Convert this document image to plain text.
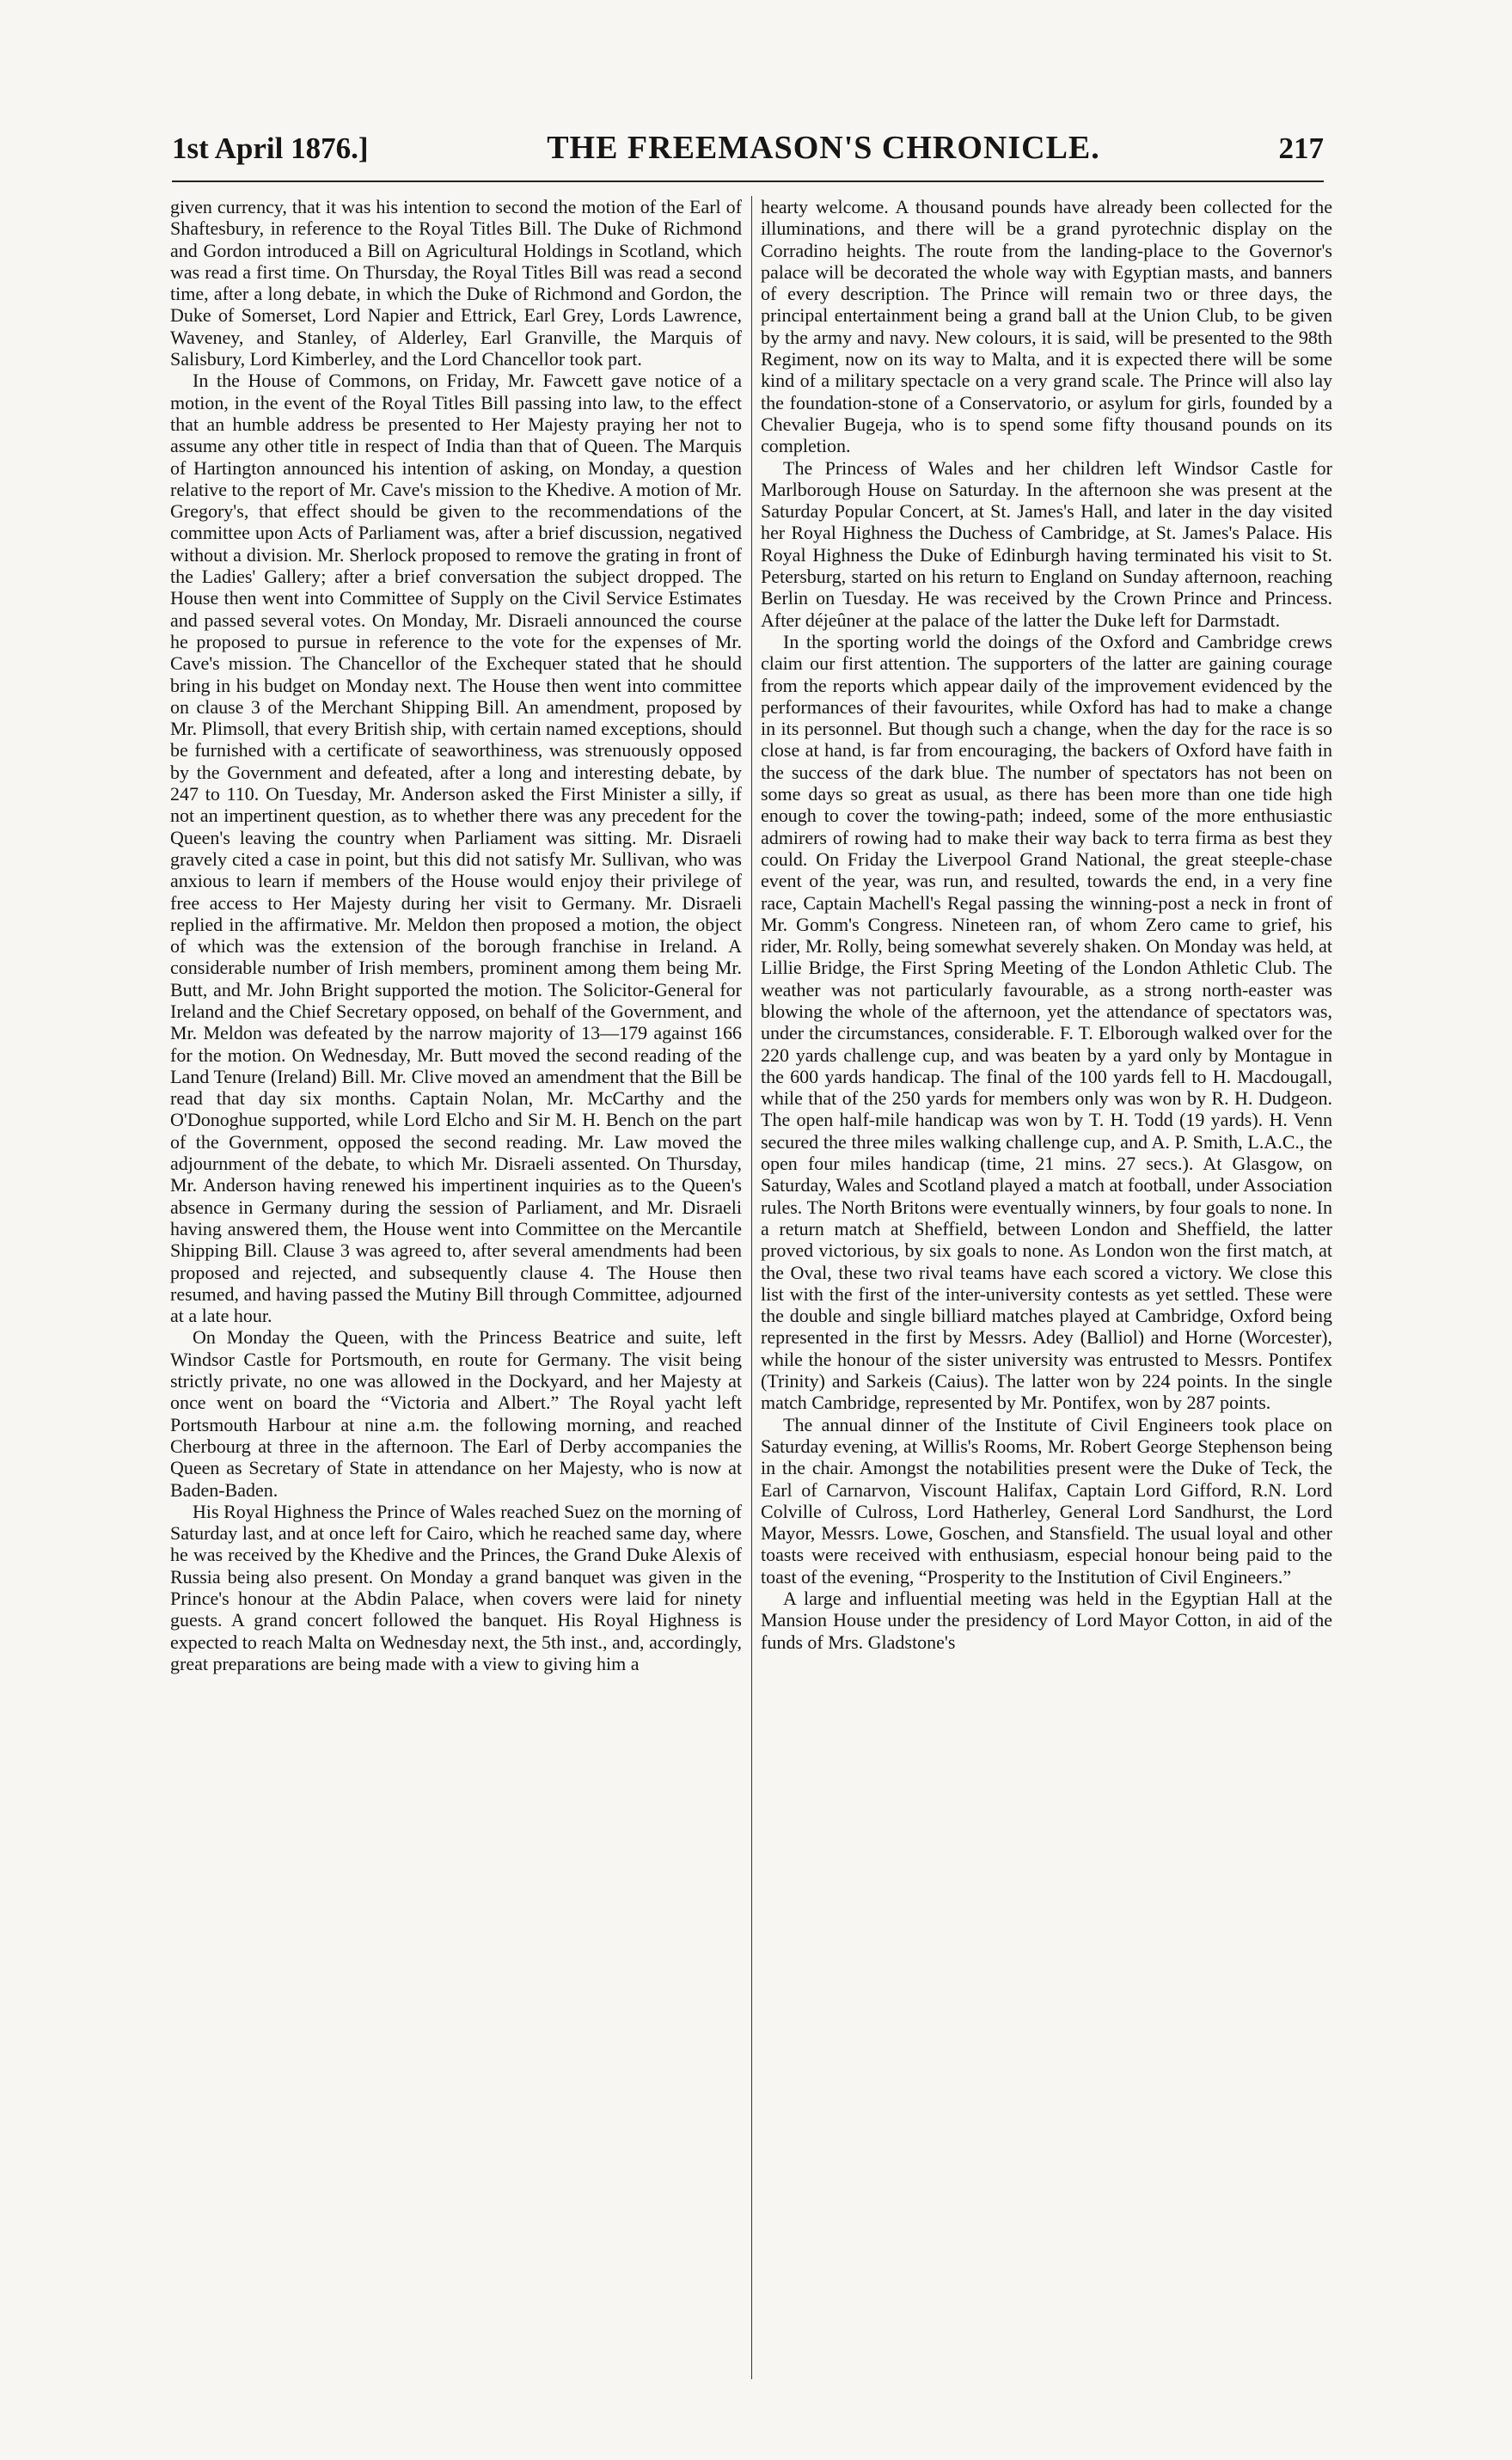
1st April 1876.]	THE FREEMASON'S CHRONICLE.	217

given currency, that it was his intention to second the motion of the Earl of Shaftesbury, in reference to the Royal Titles Bill. The Duke of Richmond and Gordon introduced a Bill on Agricultural Holdings in Scotland, which was read a first time. On Thursday, the Royal Titles Bill was read a second time, after a long debate, in which the Duke of Richmond and Gordon, the Duke of Somerset, Lord Napier and Ettrick, Earl Grey, Lords Lawrence, Waveney, and Stanley, of Alderley, Earl Granville, the Marquis of Salisbury, Lord Kimberley, and the Lord Chancellor took part.

In the House of Commons, on Friday, Mr. Fawcett gave notice of a motion, in the event of the Royal Titles Bill passing into law, to the effect that an humble address be presented to Her Majesty praying her not to assume any other title in respect of India than that of Queen. The Marquis of Hartington announced his intention of asking, on Monday, a question relative to the report of Mr. Cave's mission to the Khedive. A motion of Mr. Gregory's, that effect should be given to the recommendations of the committee upon Acts of Parliament was, after a brief discussion, negatived without a division. Mr. Sherlock proposed to remove the grating in front of the Ladies' Gallery; after a brief conversation the subject dropped. The House then went into Committee of Supply on the Civil Service Estimates and passed several votes. On Monday, Mr. Disraeli announced the course he proposed to pursue in reference to the vote for the expenses of Mr. Cave's mission. The Chancellor of the Exchequer stated that he should bring in his budget on Monday next. The House then went into committee on clause 3 of the Merchant Shipping Bill. An amendment, proposed by Mr. Plimsoll, that every British ship, with certain named exceptions, should be furnished with a certificate of seaworthiness, was strenuously opposed by the Government and defeated, after a long and interesting debate, by 247 to 110. On Tuesday, Mr. Anderson asked the First Minister a silly, if not an impertinent question, as to whether there was any precedent for the Queen's leaving the country when Parliament was sitting. Mr. Disraeli gravely cited a case in point, but this did not satisfy Mr. Sullivan, who was anxious to learn if members of the House would enjoy their privilege of free access to Her Majesty during her visit to Germany. Mr. Disraeli replied in the affirmative. Mr. Meldon then proposed a motion, the object of which was the extension of the borough franchise in Ireland. A considerable number of Irish members, prominent among them being Mr. Butt, and Mr. John Bright supported the motion. The Solicitor-General for Ireland and the Chief Secretary opposed, on behalf of the Government, and Mr. Meldon was defeated by the narrow majority of 13—179 against 166 for the motion. On Wednesday, Mr. Butt moved the second reading of the Land Tenure (Ireland) Bill. Mr. Clive moved an amendment that the Bill be read that day six months. Captain Nolan, Mr. McCarthy and the O'Donoghue supported, while Lord Elcho and Sir M. H. Bench on the part of the Government, opposed the second reading. Mr. Law moved the adjournment of the debate, to which Mr. Disraeli assented. On Thursday, Mr. Anderson having renewed his impertinent inquiries as to the Queen's absence in Germany during the session of Parliament, and Mr. Disraeli having answered them, the House went into Committee on the Mercantile Shipping Bill. Clause 3 was agreed to, after several amendments had been proposed and rejected, and subsequently clause 4. The House then resumed, and having passed the Mutiny Bill through Committee, adjourned at a late hour.

On Monday the Queen, with the Princess Beatrice and suite, left Windsor Castle for Portsmouth, en route for Germany. The visit being strictly private, no one was allowed in the Dockyard, and her Majesty at once went on board the “Victoria and Albert.” The Royal yacht left Portsmouth Harbour at nine a.m. the following morning, and reached Cherbourg at three in the afternoon. The Earl of Derby accompanies the Queen as Secretary of State in attendance on her Majesty, who is now at Baden-Baden.

His Royal Highness the Prince of Wales reached Suez on the morning of Saturday last, and at once left for Cairo, which he reached same day, where he was received by the Khedive and the Princes, the Grand Duke Alexis of Russia being also present. On Monday a grand banquet was given in the Prince's honour at the Abdin Palace, when covers were laid for ninety guests. A grand concert followed the banquet. His Royal Highness is expected to reach Malta on Wednesday next, the 5th inst., and, accordingly, great preparations are being made with a view to giving him a

hearty welcome. A thousand pounds have already been collected for the illuminations, and there will be a grand pyrotechnic display on the Corradino heights. The route from the landing-place to the Governor's palace will be decorated the whole way with Egyptian masts, and banners of every description. The Prince will remain two or three days, the principal entertainment being a grand ball at the Union Club, to be given by the army and navy. New colours, it is said, will be presented to the 98th Regiment, now on its way to Malta, and it is expected there will be some kind of a military spectacle on a very grand scale. The Prince will also lay the foundation-stone of a Conservatorio, or asylum for girls, founded by a Chevalier Bugeja, who is to spend some fifty thousand pounds on its completion.

The Princess of Wales and her children left Windsor Castle for Marlborough House on Saturday. In the afternoon she was present at the Saturday Popular Concert, at St. James's Hall, and later in the day visited her Royal Highness the Duchess of Cambridge, at St. James's Palace. His Royal Highness the Duke of Edinburgh having terminated his visit to St. Petersburg, started on his return to England on Sunday afternoon, reaching Berlin on Tuesday. He was received by the Crown Prince and Princess. After déjeûner at the palace of the latter the Duke left for Darmstadt.

In the sporting world the doings of the Oxford and Cambridge crews claim our first attention. The supporters of the latter are gaining courage from the reports which appear daily of the improvement evidenced by the performances of their favourites, while Oxford has had to make a change in its personnel. But though such a change, when the day for the race is so close at hand, is far from encouraging, the backers of Oxford have faith in the success of the dark blue. The number of spectators has not been on some days so great as usual, as there has been more than one tide high enough to cover the towing-path; indeed, some of the more enthusiastic admirers of rowing had to make their way back to terra firma as best they could. On Friday the Liverpool Grand National, the great steeple-chase event of the year, was run, and resulted, towards the end, in a very fine race, Captain Machell's Regal passing the winning-post a neck in front of Mr. Gomm's Congress. Nineteen ran, of whom Zero came to grief, his rider, Mr. Rolly, being somewhat severely shaken. On Monday was held, at Lillie Bridge, the First Spring Meeting of the London Athletic Club. The weather was not particularly favourable, as a strong north-easter was blowing the whole of the afternoon, yet the attendance of spectators was, under the circumstances, considerable. F. T. Elborough walked over for the 220 yards challenge cup, and was beaten by a yard only by Montague in the 600 yards handicap. The final of the 100 yards fell to H. Macdougall, while that of the 250 yards for members only was won by R. H. Dudgeon. The open half-mile handicap was won by T. H. Todd (19 yards). H. Venn secured the three miles walking challenge cup, and A. P. Smith, L.A.C., the open four miles handicap (time, 21 mins. 27 secs.). At Glasgow, on Saturday, Wales and Scotland played a match at football, under Association rules. The North Britons were eventually winners, by four goals to none. In a return match at Sheffield, between London and Sheffield, the latter proved victorious, by six goals to none. As London won the first match, at the Oval, these two rival teams have each scored a victory. We close this list with the first of the inter-university contests as yet settled. These were the double and single billiard matches played at Cambridge, Oxford being represented in the first by Messrs. Adey (Balliol) and Horne (Worcester), while the honour of the sister university was entrusted to Messrs. Pontifex (Trinity) and Sarkeis (Caius). The latter won by 224 points. In the single match Cambridge, represented by Mr. Pontifex, won by 287 points.

The annual dinner of the Institute of Civil Engineers took place on Saturday evening, at Willis's Rooms, Mr. Robert George Stephenson being in the chair. Amongst the notabilities present were the Duke of Teck, the Earl of Carnarvon, Viscount Halifax, Captain Lord Gifford, R.N. Lord Colville of Culross, Lord Hatherley, General Lord Sandhurst, the Lord Mayor, Messrs. Lowe, Goschen, and Stansfield. The usual loyal and other toasts were received with enthusiasm, especial honour being paid to the toast of the evening, “Prosperity to the Institution of Civil Engineers.”

A large and influential meeting was held in the Egyptian Hall at the Mansion House under the presidency of Lord Mayor Cotton, in aid of the funds of Mrs. Gladstone's
